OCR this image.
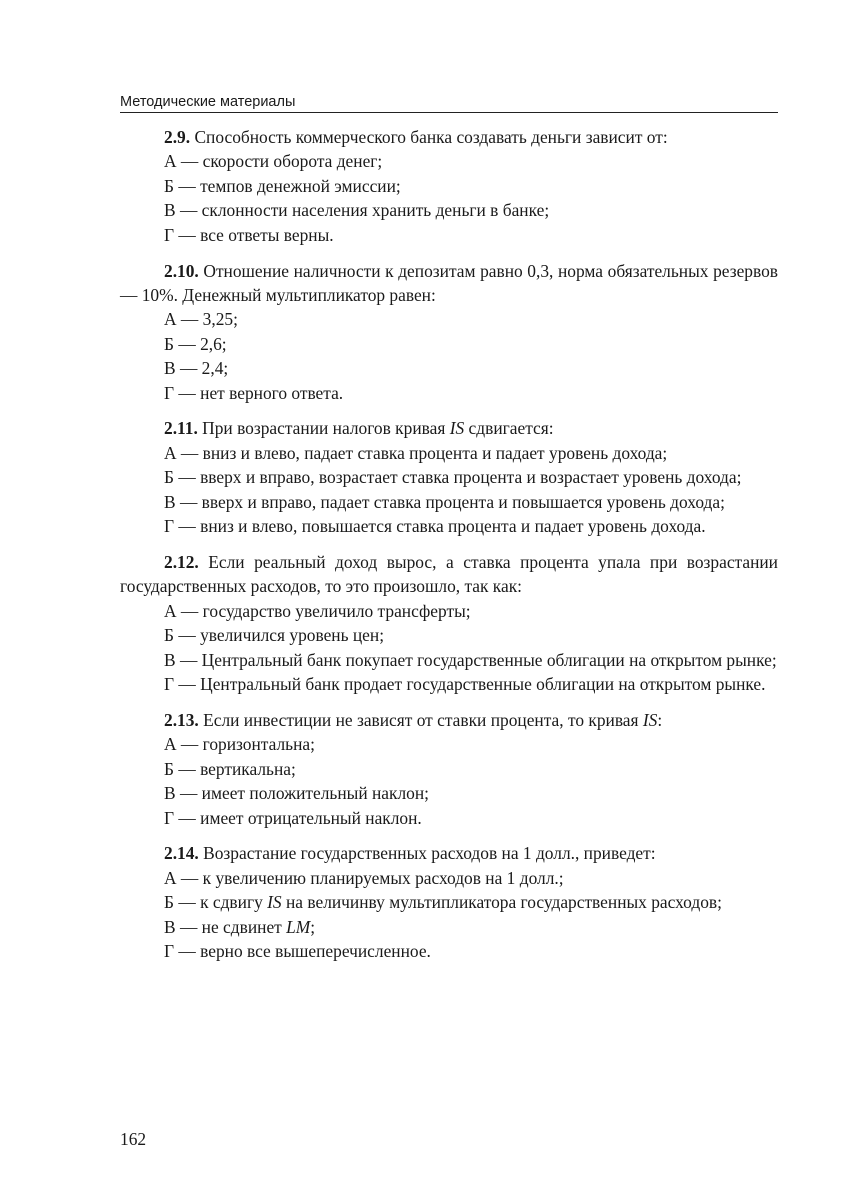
Методические материалы
2.9. Способность коммерческого банка создавать деньги зависит от:
А — скорости оборота денег;
Б — темпов денежной эмиссии;
В — склонности населения хранить деньги в банке;
Г — все ответы верны.
2.10. Отношение наличности к депозитам равно 0,3, норма обязательных резервов — 10%. Денежный мультипликатор равен:
А — 3,25;
Б — 2,6;
В — 2,4;
Г — нет верного ответа.
2.11. При возрастании налогов кривая IS сдвигается:
А — вниз и влево, падает ставка процента и падает уровень дохода;
Б — вверх и вправо, возрастает ставка процента и возрастает уровень дохода;
В — вверх и вправо, падает ставка процента и повышается уровень дохода;
Г — вниз и влево, повышается ставка процента и падает уровень дохода.
2.12. Если реальный доход вырос, а ставка процента упала при возрастании государственных расходов, то это произошло, так как:
А — государство увеличило трансферты;
Б — увеличился уровень цен;
В — Центральный банк покупает государственные облигации на открытом рынке;
Г — Центральный банк продает государственные облигации на открытом рынке.
2.13. Если инвестиции не зависят от ставки процента, то кривая IS:
А — горизонтальна;
Б — вертикальна;
В — имеет положительный наклон;
Г — имеет отрицательный наклон.
2.14. Возрастание государственных расходов на 1 долл., приведет:
А — к увеличению планируемых расходов на 1 долл.;
Б — к сдвигу IS на величинву мультипликатора государственных расходов;
В — не сдвинет LM;
Г — верно все вышеперечисленное.
162
